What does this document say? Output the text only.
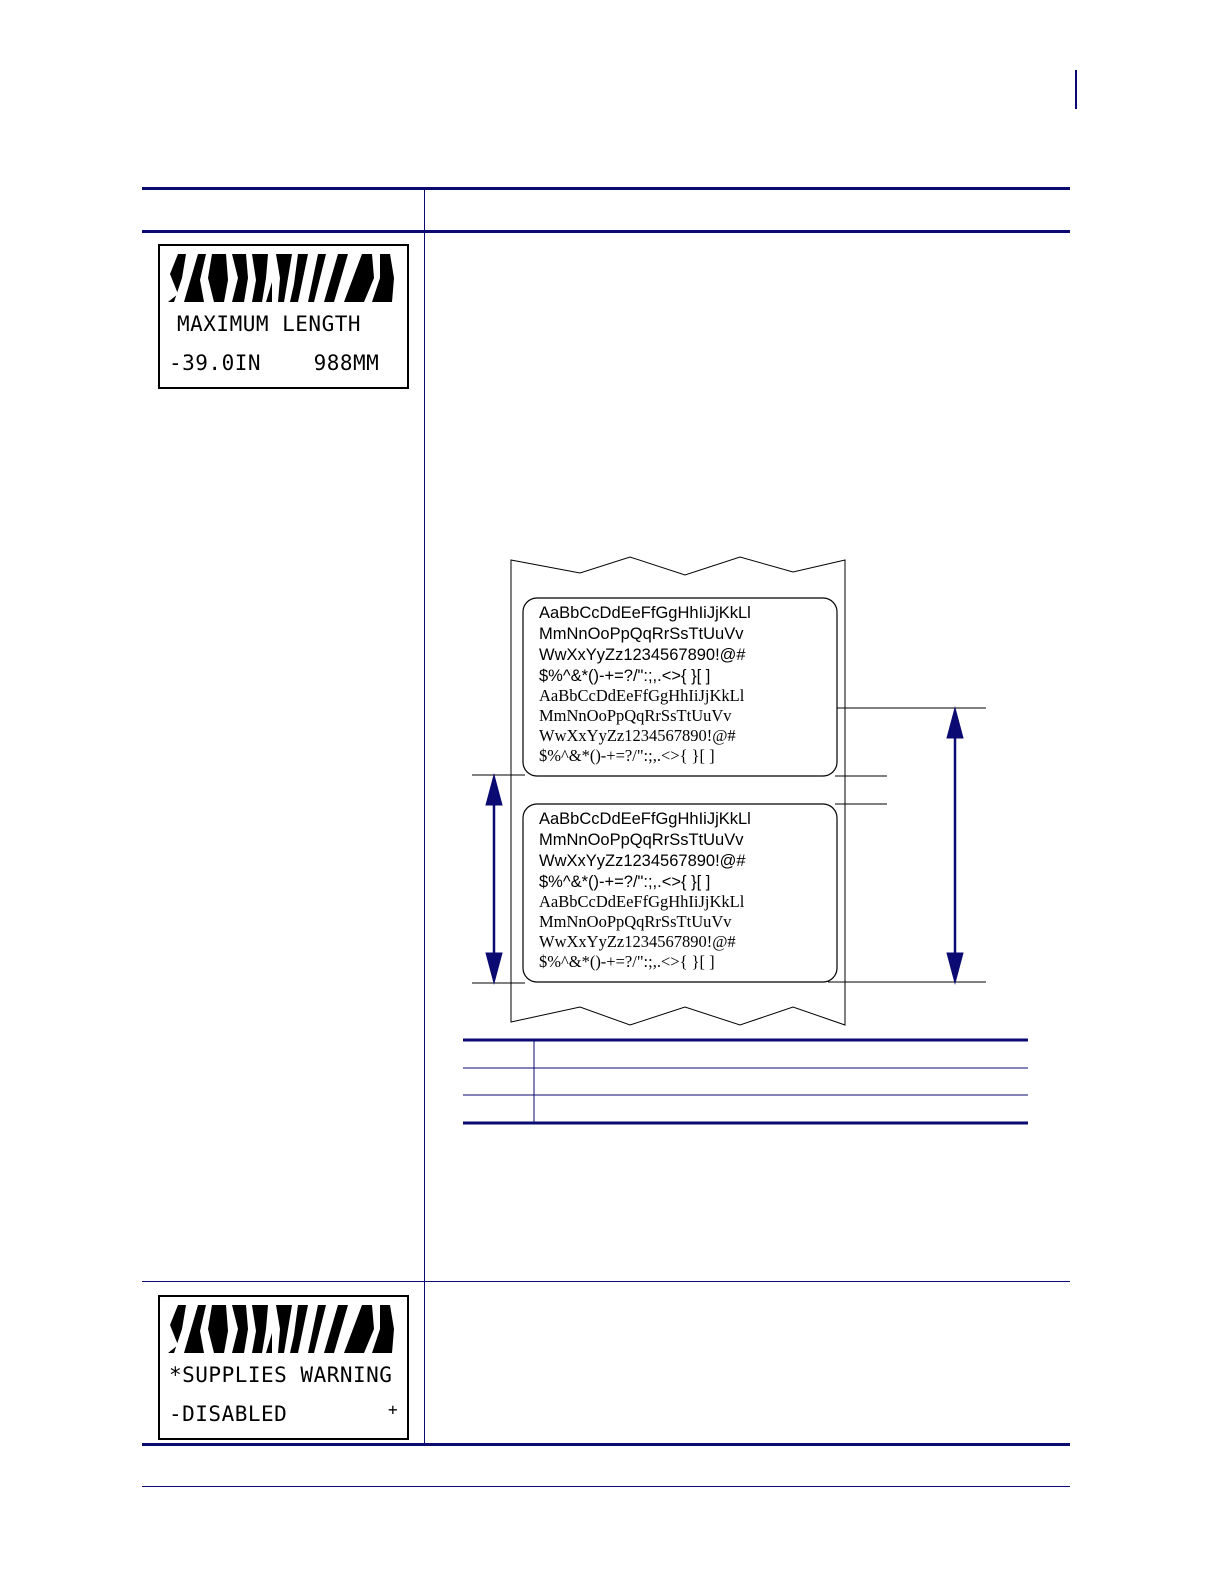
MAXIMUM LENGTH
-39.0IN    988MM
*SUPPLIES WARNING
-DISABLED	+
AaBbCcDdEeFfGgHhIiJjKkLl
MmNnOoPpQqRrSsTtUuVv
WwXxYyZz1234567890!@#
$%^&*()-+=?/":;,.<>{ }[ ]
AaBbCcDdEeFfGgHhIiJjKkLl
MmNnOoPpQqRrSsTtUuVv
WwXxYyZz1234567890!@#
$%^&*()-+=?/":;,.<>{ }[ ]
AaBbCcDdEeFfGgHhIiJjKkLl
MmNnOoPpQqRrSsTtUuVv
WwXxYyZz1234567890!@#
$%^&*()-+=?/":;,.<>{ }[ ]
AaBbCcDdEeFfGgHhIiJjKkLl
MmNnOoPpQqRrSsTtUuVv
WwXxYyZz1234567890!@#
$%^&*()-+=?/":;,.<>{ }[ ]
